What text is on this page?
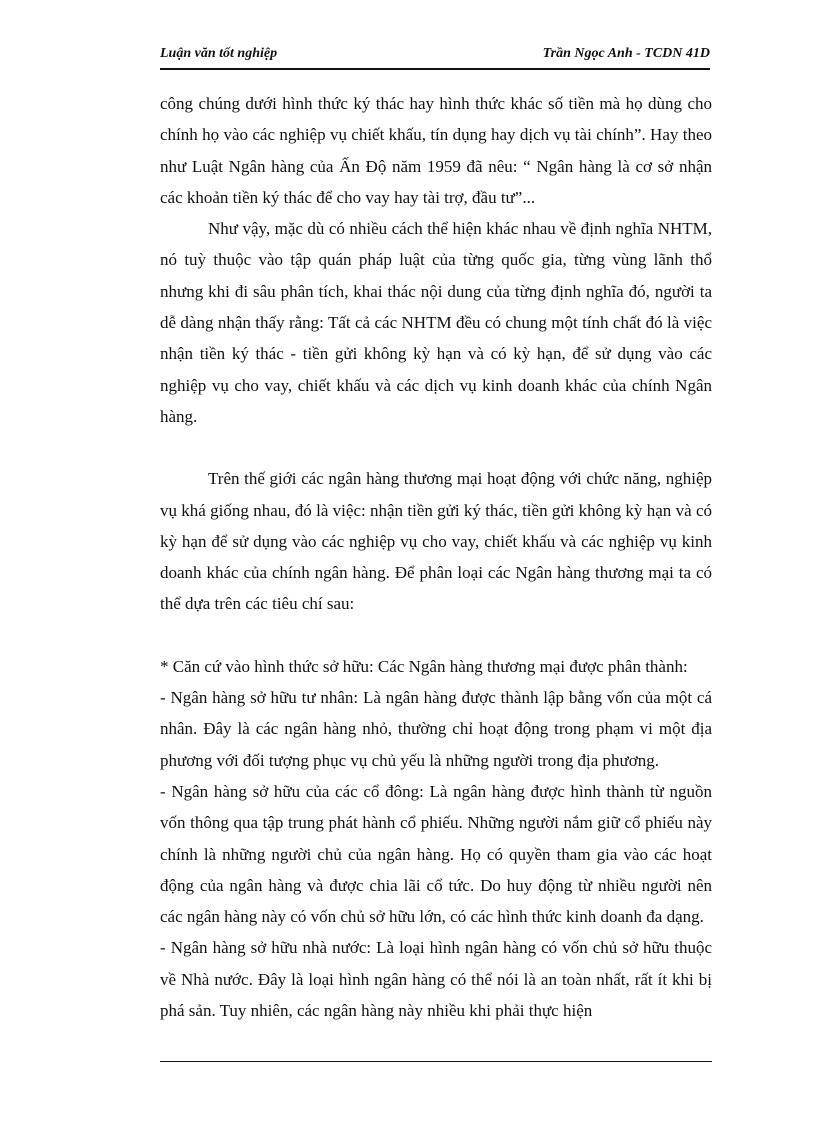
Luận văn tốt nghiệp	Trần Ngọc Anh - TCDN 41D

công chúng dưới hình thức ký thác hay hình thức khác số tiền mà họ dùng cho chính họ vào các nghiệp vụ chiết khấu, tín dụng hay dịch vụ tài chính”. Hay theo như Luật Ngân hàng của Ấn Độ năm 1959 đã nêu: “ Ngân hàng là cơ sở nhận các khoản tiền ký thác để cho vay hay tài trợ, đầu tư”...

Như vậy, mặc dù có nhiều cách thể hiện khác nhau về định nghĩa NHTM, nó tuỳ thuộc vào tập quán pháp luật của từng quốc gia, từng vùng lãnh thổ nhưng khi đi sâu phân tích, khai thác nội dung của từng định nghĩa đó, người ta dễ dàng nhận thấy rằng: Tất cả các NHTM đều có chung một tính chất đó là việc nhận tiền ký thác - tiền gửi không kỳ hạn và có kỳ hạn, để sử dụng vào các nghiệp vụ cho vay, chiết khấu và các dịch vụ kinh doanh khác của chính Ngân hàng.

Trên thế giới các ngân hàng thương mại hoạt động với chức năng, nghiệp vụ khá giống nhau, đó là việc: nhận tiền gửi ký thác, tiền gửi không kỳ hạn và có kỳ hạn để sử dụng vào các nghiệp vụ cho vay, chiết khấu và các nghiệp vụ kinh doanh khác của chính ngân hàng. Để phân loại các Ngân hàng thương mại ta có thể dựa trên các tiêu chí sau:

* Căn cứ vào hình thức sở hữu: Các Ngân hàng thương mại được phân thành:

- Ngân hàng sở hữu tư nhân: Là ngân hàng được thành lập bằng vốn của một cá nhân. Đây là các ngân hàng nhỏ, thường chỉ hoạt động trong phạm vi một địa phương với đối tượng phục vụ chủ yếu là những người trong địa phương.

- Ngân hàng sở hữu của các cổ đông: Là ngân hàng được hình thành từ nguồn vốn thông qua tập trung phát hành cổ phiếu. Những người nắm giữ cổ phiếu này chính là những người chủ của ngân hàng. Họ có quyền tham gia vào các hoạt động của ngân hàng và được chia lãi cổ tức. Do huy động từ nhiều người nên các ngân hàng này có vốn chủ sở hữu lớn, có các hình thức kinh doanh đa dạng.

- Ngân hàng sở hữu nhà nước: Là loại hình ngân hàng có vốn chủ sở hữu thuộc về Nhà nước. Đây là loại hình ngân hàng có thể nói là an toàn nhất, rất ít khi bị phá sản. Tuy nhiên, các ngân hàng này nhiều khi phải thực hiện
